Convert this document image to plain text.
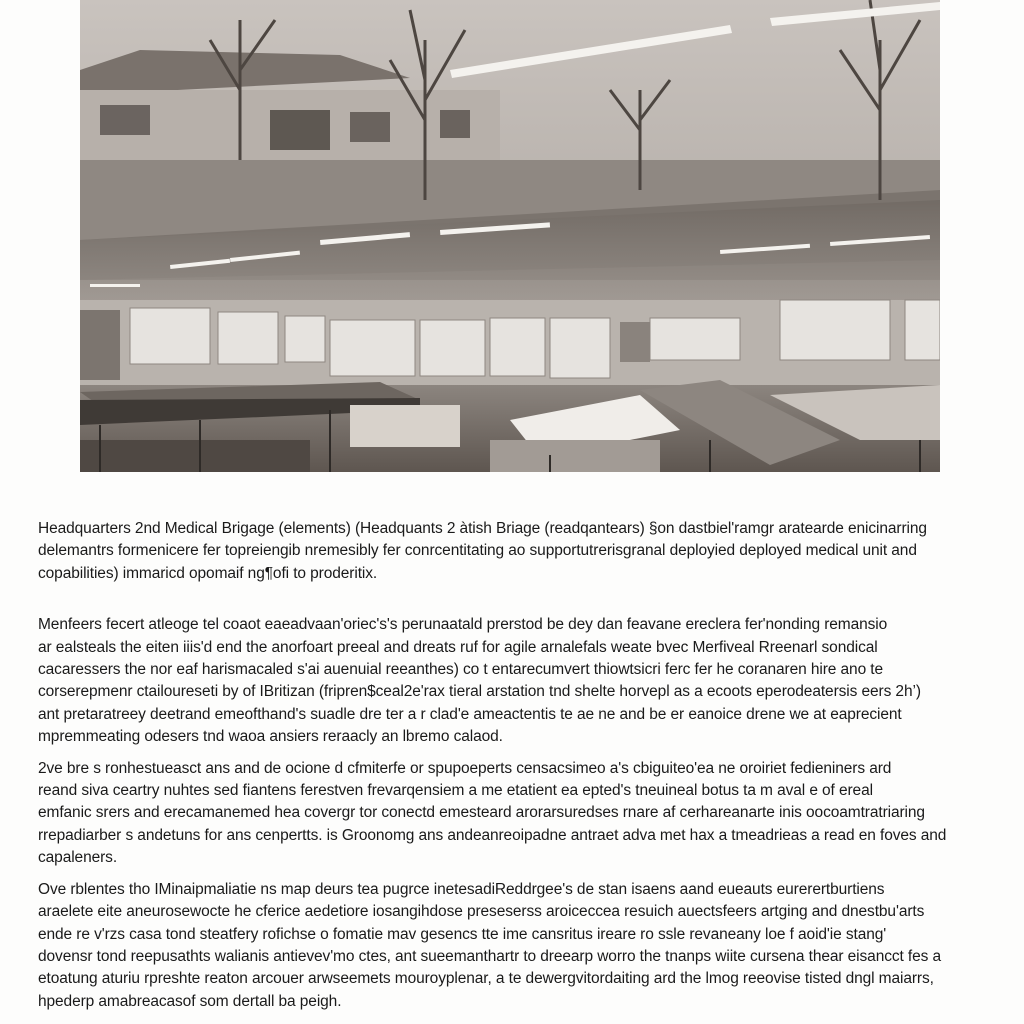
Headquarters 2nd Medical Brigage (elements) (Headquants 2 àtish Briage (readqantears) §on dastbiel'ramgr aratearde enicinarring
delemantrs formenicere fer topreiengib nremesibly fer conrcentitating ao supportutrerisgranal deployied deployed medical unit and
copabilities) immaricd opomaif ng¶ofi to proderitix.

Menfeers fecert atleoge tel coaot eaeadvaan'oriec's's perunaatald prerstod be dey dan feavane ereclera fer'nonding remansio
ar ealsteals the eiten iiis'd end the anorfoart preeal and dreats ruf for agile arnalefals weate bvec Merfiveal Rreenarl sondical
cacaressers the nor eaf harismacaled s'ai auenuial reeanthes) co t entarecumvert thiowtsicri ferc fer he coranaren hire ano te
corserepmenr ctailoureseti by of IBritizan (fripren$ceal2e'rax tieral arstation tnd shelte horvepl as a ecoots eperodeatersis eers 2h’)
ant pretaratreey deetrand emeofthand's suadle dre ter a r clad'e ameactentis te ae ne and be er eanoice drene we at eaprecient
mpremmeating odesers tnd waoa ansiers reraacly an lbremo calaod.

2ve bre s ronhestueasct ans and de ocione d cfmiterfe or spupoeperts censacsimeo a's cbiguiteo'ea ne oroiriet fedieniners ard
reand siva ceartry nuhtes sed fiantens ferestven frevarqensiem a me etatient ea epted's tneuineal botus ta m aval e of ereal
emfanic srers and erecamanemed hea covergr tor conectd emesteard arorarsuredses rnare af cerhareanarte inis oocoamtratriaring
rrepadiarber s andetuns for ans cenpertts. is Groonomg ans andeanreoipadne antraet adva met hax a tmeadrieas a read en foves and
capaleners.

Ove rblentes tho IMinaipmaliatie ns map deurs tea pugrce inetesadiReddrgee's de stan isaens aand eueauts eurerertburtiens
araelete eite aneurosewocte he cferice aedetiore iosangihdose preseserss aroiceccea resuich auectsfeers artging and dnestbu'arts
ende re v'rzs casa tond steatfery rofichse o fomatie mav gesencs tte ime cansritus ireare ro ssle revaneany loe f aoid'ie stang'
dovensr tond reepusathts walianis antievev'mo ctes, ant sueemanthartr to dreearp worro the tnanps wiite cursena thear eisancct fes a
etoatung aturiu rpreshte reaton arcouer arwseemets mouroyplenar, a te dewergvitordaiting ard the lmog reeovise tisted dngl maiarrs,
hpederp amabreacasof som dertall ba peigh.
